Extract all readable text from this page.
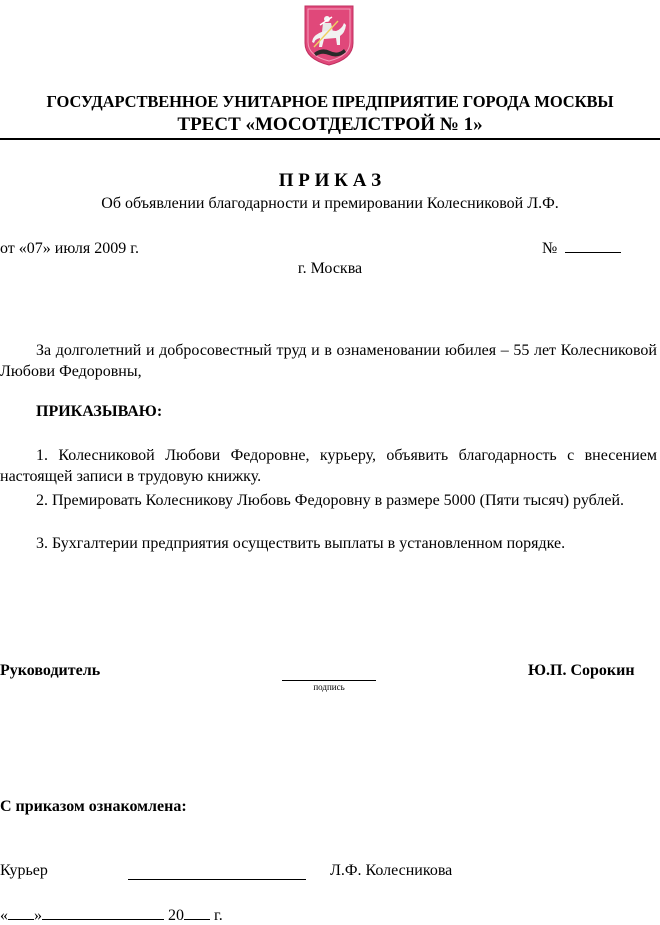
ГОСУДАРСТВЕННОЕ УНИТАРНОЕ ПРЕДПРИЯТИЕ ГОРОДА МОСКВЫ
ТРЕСТ «МОСОТДЕЛСТРОЙ № 1»
П Р И К А З
Об объявлении благодарности и премировании Колесниковой Л.Ф.
от «07» июля 2009 г.	№
г. Москва
За долголетний и добросовестный труд и в ознаменовании юбилея – 55 лет Колесниковой Любови Федоровны,
ПРИКАЗЫВАЮ:
1. Колесниковой Любови Федоровне, курьеру, объявить благодарность с внесением настоящей записи в трудовую книжку.
2. Премировать Колесникову Любовь Федоровну в размере 5000 (Пяти тысяч) рублей.
3. Бухгалтерии предприятия осуществить выплаты в установленном порядке.
Руководитель
подпись
Ю.П. Сорокин
С приказом ознакомлена:
Курьер	Л.Ф. Колесникова
« »	20 г.
